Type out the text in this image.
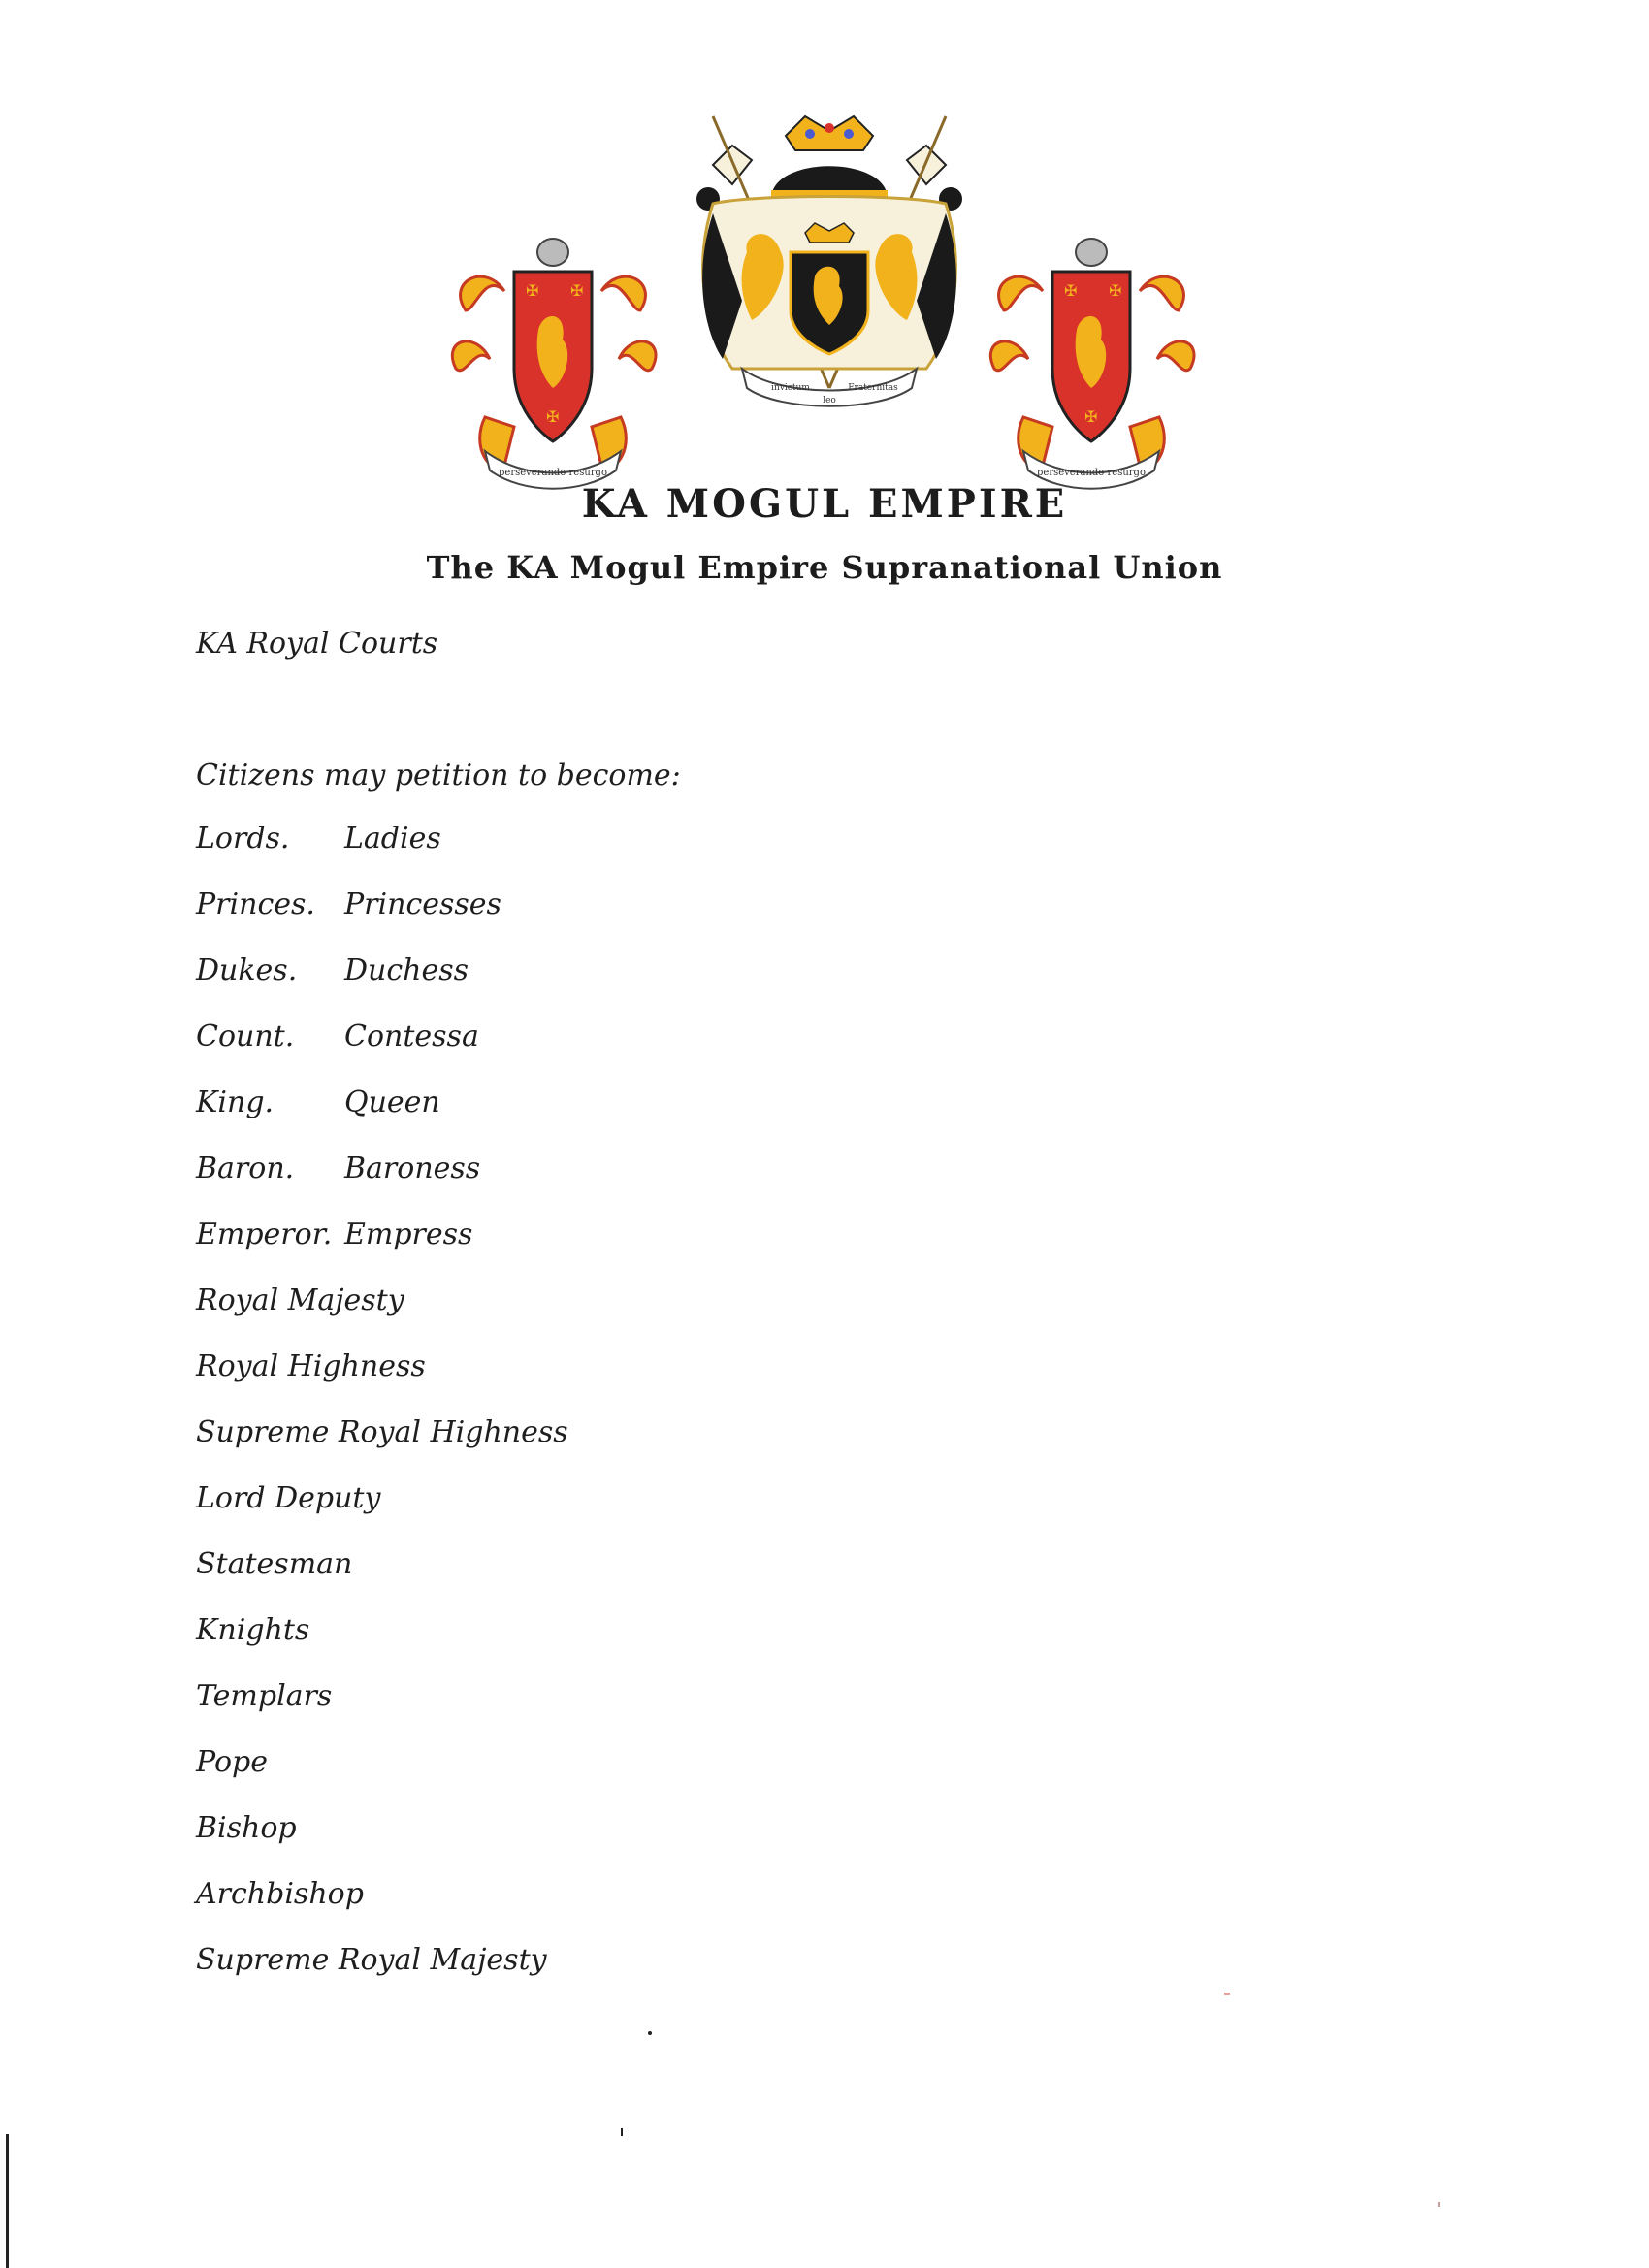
✠ ✠
✠
perseverando resurgo
invictum	Fraternitas
leo
✠ ✠
✠
perseverando resurgo
KA MOGUL EMPIRE
The KA Mogul Empire Supranational Union
KA Royal Courts
Citizens may petition to become:
Lords. Ladies
Princes. Princesses
Dukes. Duchess
Count. Contessa
King. Queen
Baron. Baroness
Emperor. Empress
Royal Majesty
Royal Highness
Supreme Royal Highness
Lord Deputy
Statesman
Knights
Templars
Pope
Bishop
Archbishop
Supreme Royal Majesty
